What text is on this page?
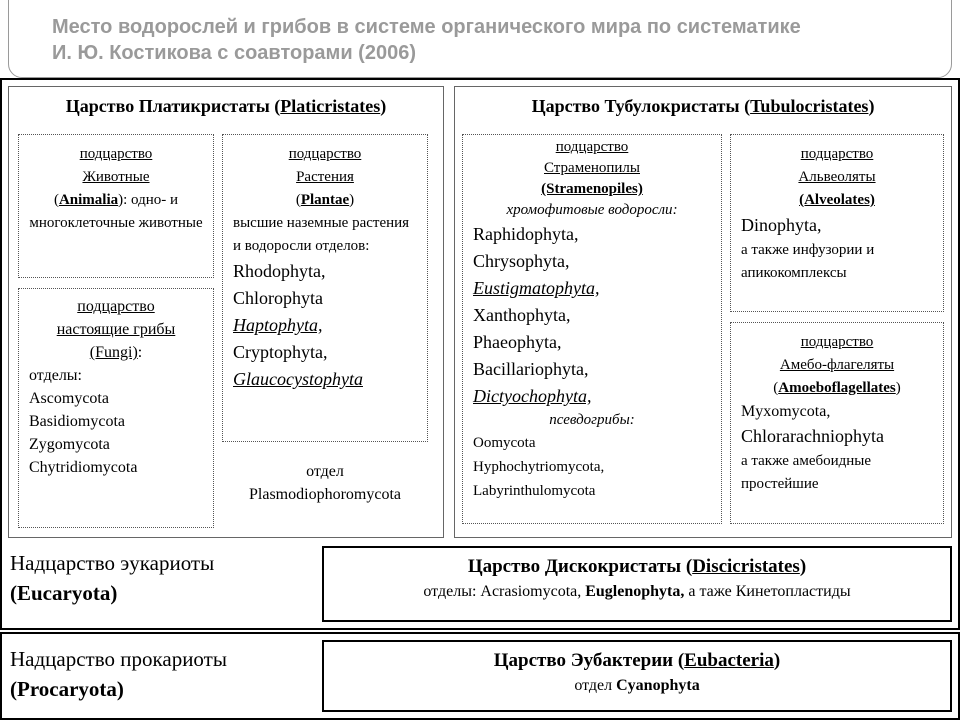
Место водорослей и грибов в системе органического мира по систематике
И. Ю. Костикова с соавторами (2006)
Царство Платикристаты (Platicristates)
подцарство
Животные
(Animalia): одно- и многоклеточные животные
подцарство
Растения
(Plantae)
высшие наземные растения и водоросли отделов:
Rhodophyta,
Chlorophyta
Haptophyta,
Cryptophyta,
Glaucocystophyta
подцарство
настоящие грибы
(Fungi):
отделы:
Ascomycota
Basidiomycota
Zygomycota
Chytridiomycota	отдел
Plasmodiophoromycota
Царство Тубулокристаты (Tubulocristates)
подцарство
Страменопилы
(Stramenopiles)
хромофитовые водоросли:
Raphidophyta,
Chrysophyta,
Eustigmatophyta,
Xanthophyta,
Phaeophyta,
Bacillariophyta,
Dictyochophyta,
псевдогрибы:
Oomycota
Hyphochytriomycota,
Labyrinthulomycota
подцарство
Альвеоляты
(Alveolates)
Dinophyta,
а также инфузории и апикокомплексы
подцарство
Амебо-флагеляты
(Amoeboflagellates)
Myxomycota,
Chlorarachniophyta
а также амебоидные простейшие
Надцарство эукариоты
(Eucaryota)
Царство Дискокристаты (Discicristates)
отделы: Acrasiomycota, Euglenophyta, а таже Кинетопластиды
Надцарство прокариоты
(Procaryota)
Царство Эубактерии (Eubacteria)
отдел Cyanophyta
